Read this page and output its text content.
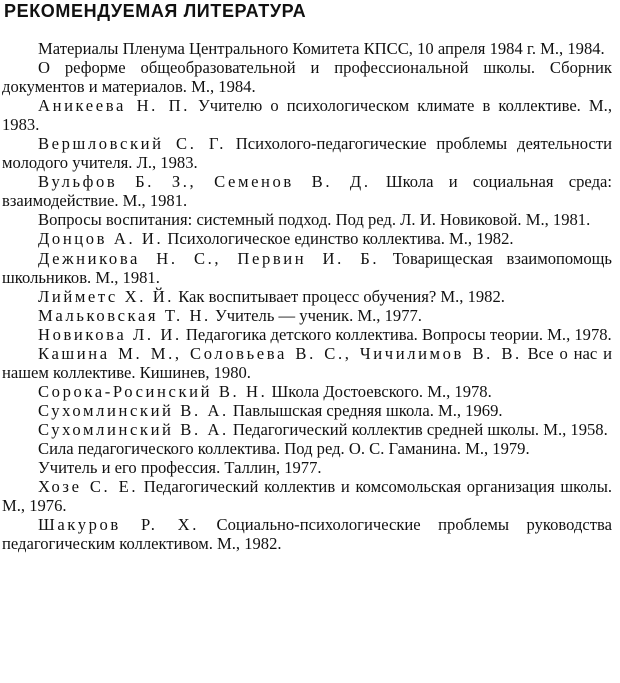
РЕКОМЕНДУЕМАЯ ЛИТЕРАТУРА

Материалы Пленума Центрального Комитета КПСС, 10 апреля 1984 г. М., 1984.

О реформе общеобразовательной и профессиональной школы. Сборник документов и материалов. М., 1984.

Аникеева Н. П. Учителю о психологическом климате в коллективе. М., 1983.

Вершловский С. Г. Психолого-педагогические проблемы деятельности молодого учителя. Л., 1983.

Вульфов Б. З., Семенов В. Д. Школа и социальная среда: взаимодействие. М., 1981.

Вопросы воспитания: системный подход. Под ред. Л. И. Новиковой. М., 1981.

Донцов А. И. Психологическое единство коллектива. М., 1982.

Дежникова Н. С., Первин И. Б. Товарищеская взаимопомощь школьников. М., 1981.

Лийметс Х. Й. Как воспитывает процесс обучения? М., 1982.

Мальковская Т. Н. Учитель — ученик. М., 1977.

Новикова Л. И. Педагогика детского коллектива. Вопросы теории. М., 1978.

Кашина М. М., Соловьева В. С., Чичилимов В. В. Все о нас и нашем коллективе. Кишинев, 1980.

Сорока-Росинский В. Н. Школа Достоевского. М., 1978.

Сухомлинский В. А. Павлышская средняя школа. М., 1969.

Сухомлинский В. А. Педагогический коллектив средней школы. М., 1958.

Сила педагогического коллектива. Под ред. О. С. Гаманина. М., 1979.

Учитель и его профессия. Таллин, 1977.

Хозе С. Е. Педагогический коллектив и комсомольская организация школы. М., 1976.

Шакуров Р. Х. Социально-психологические проблемы руководства педагогическим коллективом. М., 1982.
